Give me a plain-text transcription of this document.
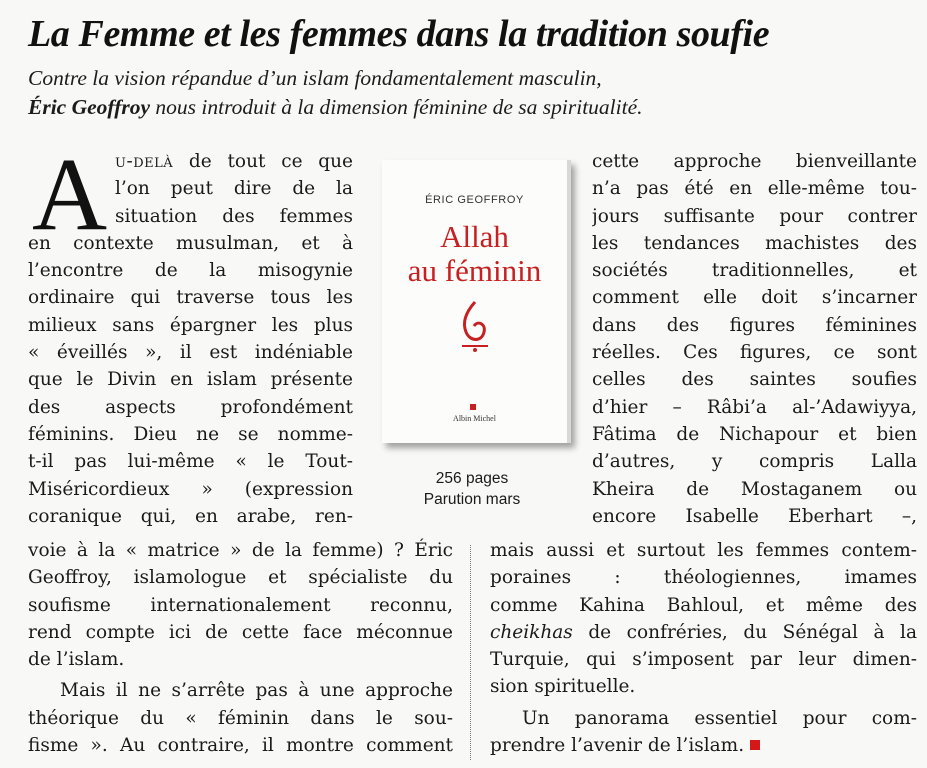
La Femme et les femmes dans la tradition soufie
Contre la vision répandue d’un islam fondamentalement masculin,
Éric Geoffroy nous introduit à la dimension féminine de sa spiritualité.
A u-delà de tout ce que
l’on peut dire de la
situation des femmes
en contexte musulman, et à
l’encontre de la misogynie
ordinaire qui traverse tous les
milieux sans épargner les plus
« éveillés », il est indéniable
que le Divin en islam présente
des aspects profondément
féminins. Dieu ne se nomme-
t-il pas lui-même « le Tout-
Miséricordieux » (expression
coranique qui, en arabe, ren-
ÉRIC GEOFFROY
Allah
au féminin
Albin Michel
256 pages
Parution mars
cette approche bienveillante
n’a pas été en elle-même tou-
jours suffisante pour contrer
les tendances machistes des
sociétés traditionnelles, et
comment elle doit s’incarner
dans des figures féminines
réelles. Ces figures, ce sont
celles des saintes soufies
d’hier – Râbi’a al-’Adawiyya,
Fâtima de Nichapour et bien
d’autres, y compris Lalla
Kheira de Mostaganem ou
encore Isabelle Eberhart –,
voie à la « matrice » de la femme) ? Éric
Geoffroy, islamologue et spécialiste du
soufisme internationalement reconnu,
rend compte ici de cette face méconnue
de l’islam.
Mais il ne s’arrête pas à une approche
théorique du « féminin dans le sou-
fisme ». Au contraire, il montre comment
mais aussi et surtout les femmes contem-
poraines : théologiennes, imames
comme Kahina Bahloul, et même des
cheikhas de confréries, du Sénégal à la
Turquie, qui s’imposent par leur dimen-
sion spirituelle.
Un panorama essentiel pour com-
prendre l’avenir de l’islam.
